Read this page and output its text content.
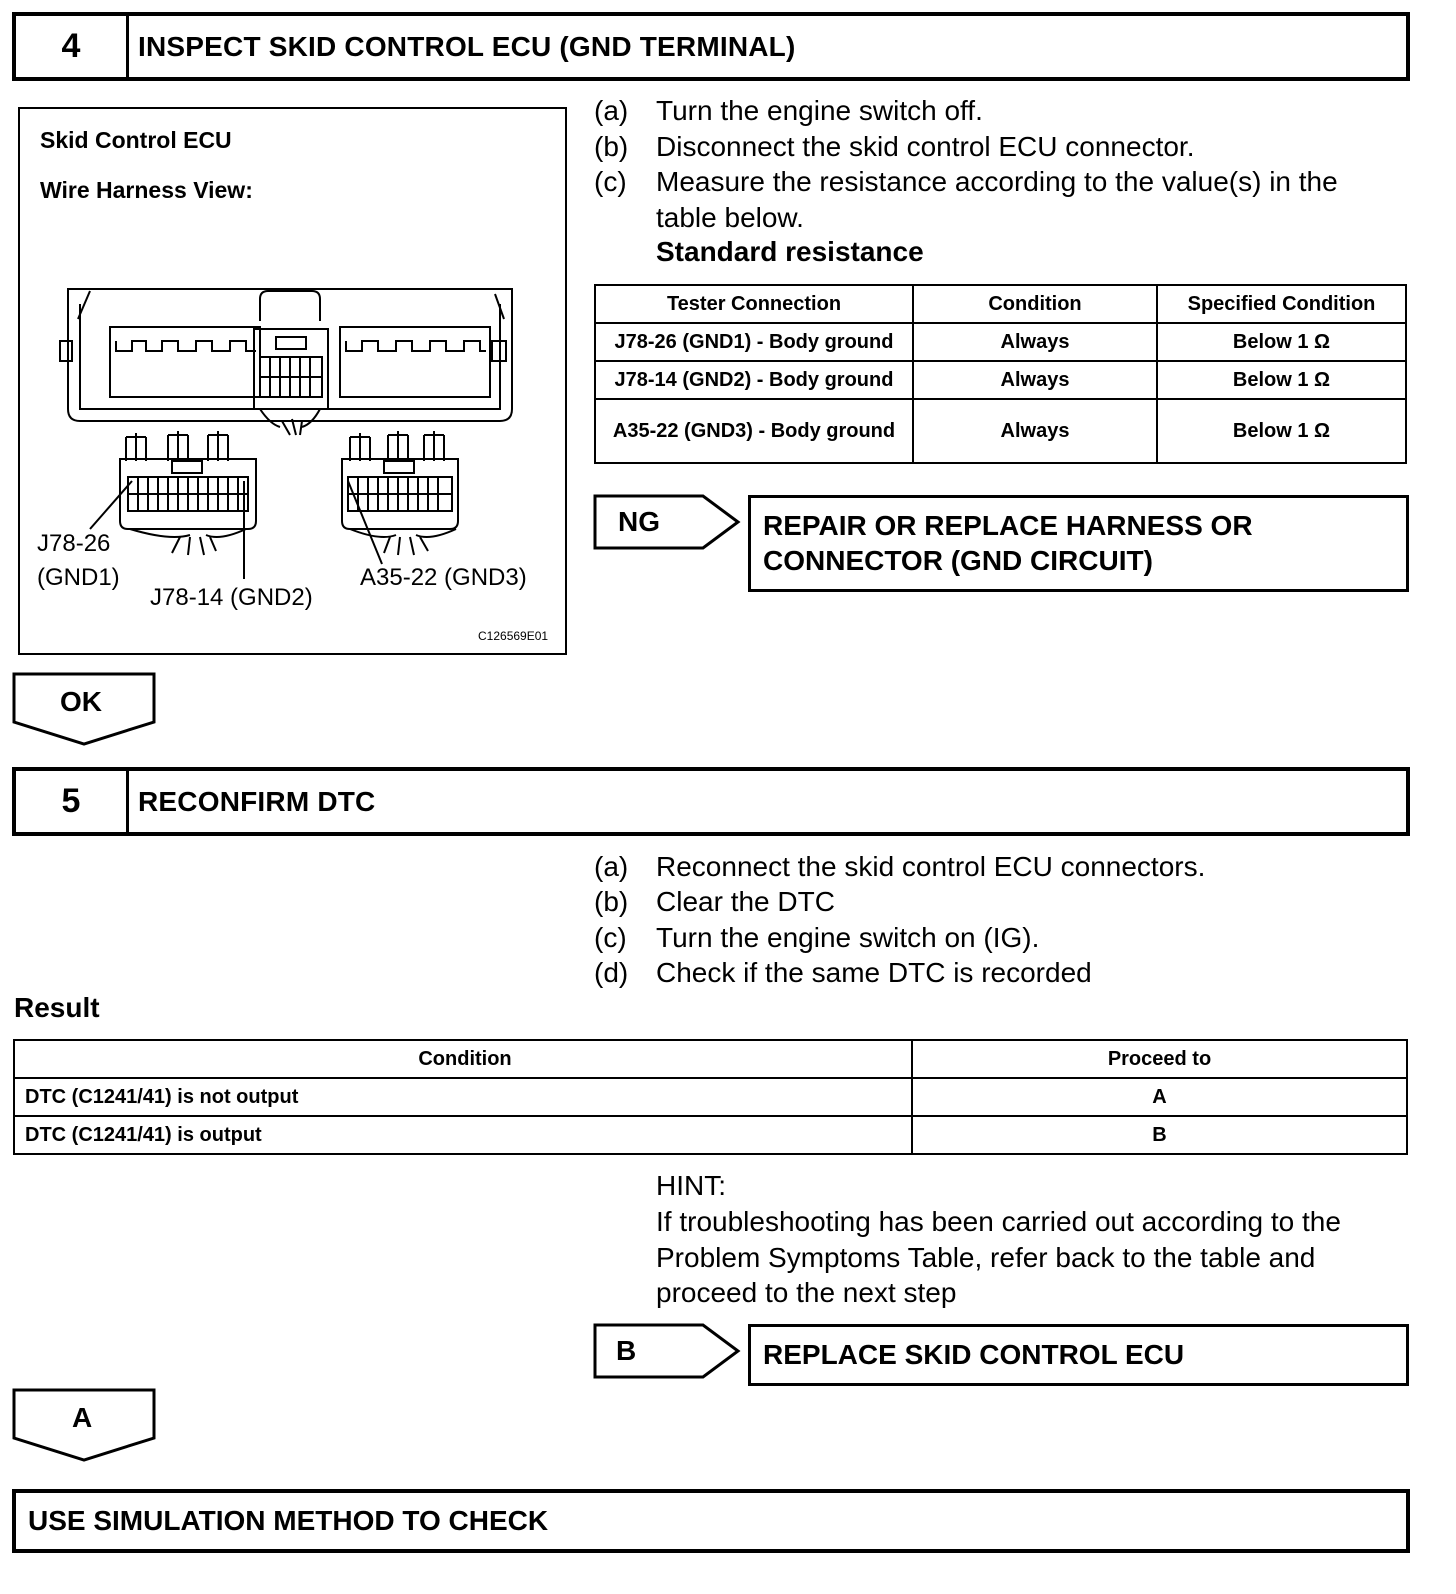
4	INSPECT SKID CONTROL ECU (GND TERMINAL)
Skid Control ECU
Wire Harness View:
J78-26
(GND1)
J78-14 (GND2)
A35-22 (GND3)
C126569E01
(a) Turn the engine switch off.
(b) Disconnect the skid control ECU connector.
(c) Measure the resistance according to the value(s) in the table below.
Standard resistance
Tester Connection	Condition	Specified Condition
J78-26 (GND1) - Body ground	Always	Below 1 Ω
J78-14 (GND2) - Body ground	Always	Below 1 Ω
A35-22 (GND3) - Body ground	Always	Below 1 Ω
NG	REPAIR OR REPLACE HARNESS OR CONNECTOR (GND CIRCUIT)
OK
5	RECONFIRM DTC
(a) Reconnect the skid control ECU connectors.
(b) Clear the DTC
(c) Turn the engine switch on (IG).
(d) Check if the same DTC is recorded
Result
Condition	Proceed to
DTC (C1241/41) is not output	A
DTC (C1241/41) is output	B
HINT:
If troubleshooting has been carried out according to the Problem Symptoms Table, refer back to the table and proceed to the next step
B	REPLACE SKID CONTROL ECU
A
USE SIMULATION METHOD TO CHECK
